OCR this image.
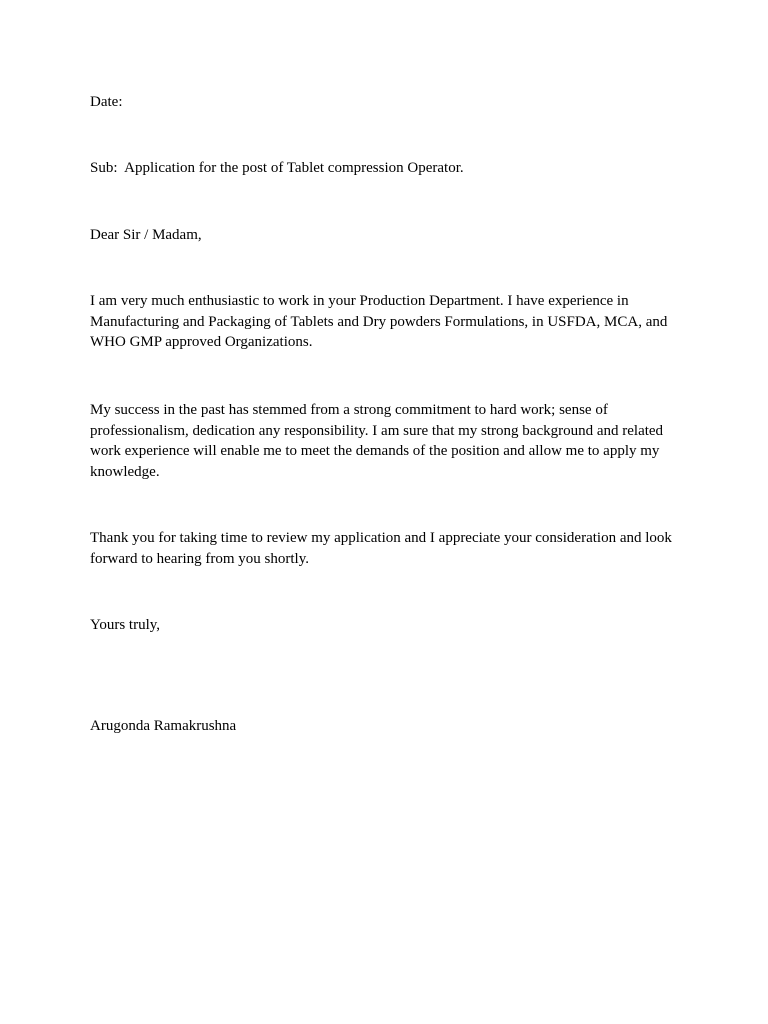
Date:

Sub:  Application for the post of Tablet compression Operator.

Dear Sir / Madam,

I am very much enthusiastic to work in your Production Department. I have experience in Manufacturing and Packaging of Tablets and Dry powders Formulations, in USFDA, MCA, and WHO GMP approved Organizations.

My success in the past has stemmed from a strong commitment to hard work; sense of professionalism, dedication any responsibility. I am sure that my strong background and related work experience will enable me to meet the demands of the position and allow me to apply my knowledge.

Thank you for taking time to review my application and I appreciate your consideration and look forward to hearing from you shortly.

Yours truly,

Arugonda Ramakrushna
